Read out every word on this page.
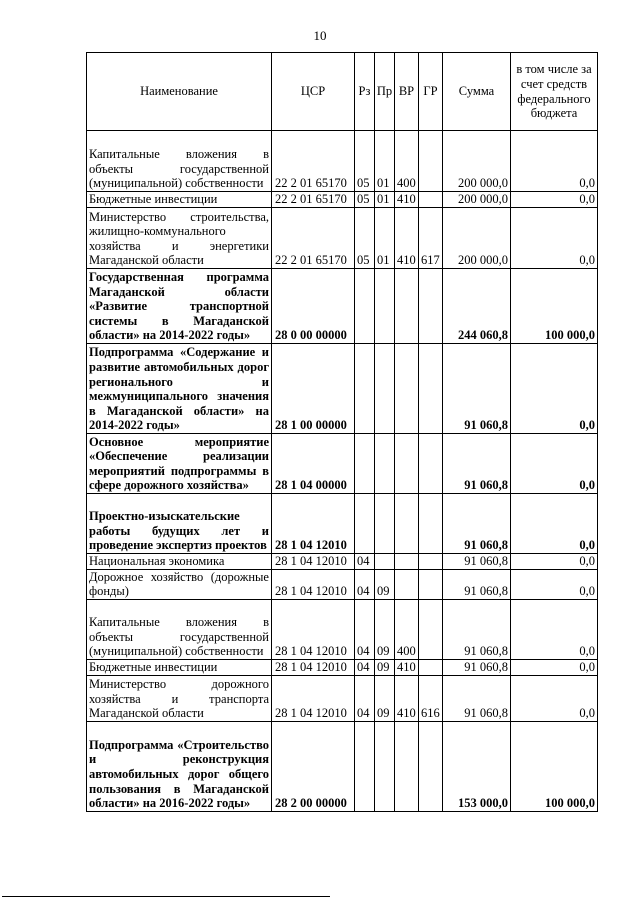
10
Наименование	ЦСР	Рз	Пр	ВР	ГР	Сумма	в том числе за счет средств федерального бюджета
Капитальные вложения в объекты государственной (муниципальной) собственности	22 2 01 65170	05	01	400		200 000,0	0,0
Бюджетные инвестиции	22 2 01 65170	05	01	410		200 000,0	0,0
Министерство строительства, жилищно-коммунального хозяйства и энергетики Магаданской области	22 2 01 65170	05	01	410	617	200 000,0	0,0
Государственная программа Магаданской области «Развитие транспортной системы в Магаданской области» на 2014-2022 годы»	28 0 00 00000					244 060,8	100 000,0
Подпрограмма «Содержание и развитие автомобильных дорог регионального и межмуниципального значения в Магаданской области» на 2014-2022 годы»	28 1 00 00000					91 060,8	0,0
Основное мероприятие «Обеспечение реализации мероприятий подпрограммы в сфере дорожного хозяйства»	28 1 04 00000					91 060,8	0,0
Проектно-изыскательские работы будущих лет и проведение экспертиз проектов	28 1 04 12010					91 060,8	0,0
Национальная экономика	28 1 04 12010	04				91 060,8	0,0
Дорожное хозяйство (дорожные фонды)	28 1 04 12010	04	09			91 060,8	0,0
Капитальные вложения в объекты государственной (муниципальной) собственности	28 1 04 12010	04	09	400		91 060,8	0,0
Бюджетные инвестиции	28 1 04 12010	04	09	410		91 060,8	0,0
Министерство дорожного хозяйства и транспорта Магаданской области	28 1 04 12010	04	09	410	616	91 060,8	0,0
Подпрограмма «Строительство и реконструкция автомобильных дорог общего пользования в Магаданской области» на 2016-2022 годы»	28 2 00 00000					153 000,0	100 000,0
